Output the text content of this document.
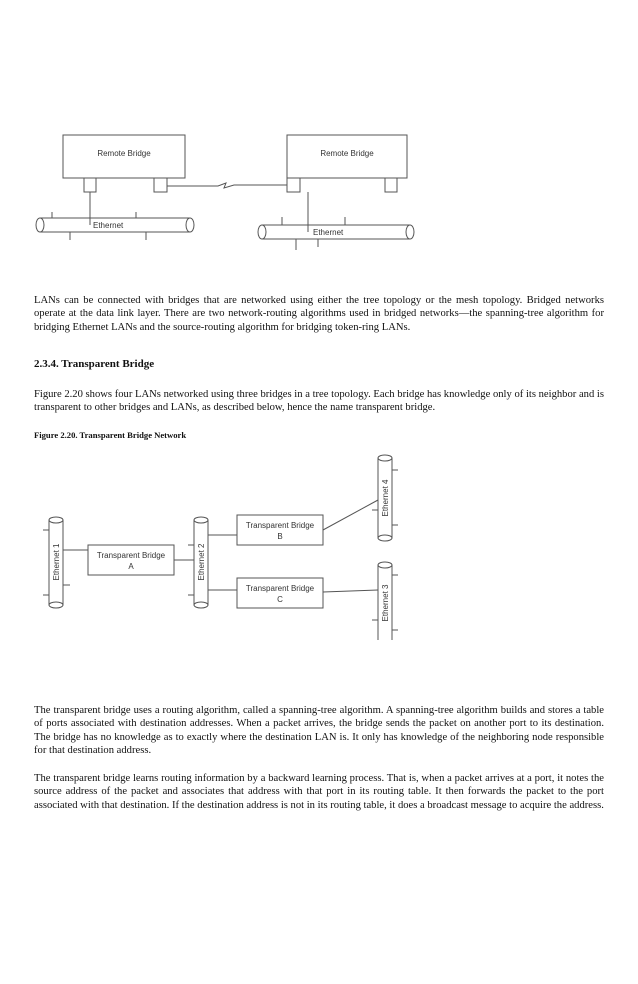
Remote Bridge	Remote Bridge
Ethernet
Ethernet

LANs can be connected with bridges that are networked using either the tree topology or the mesh topology. Bridged networks operate at the data link layer. There are two network-routing algorithms used in bridged networks—the spanning-tree algorithm for bridging Ethernet LANs and the source-routing algorithm for bridging token-ring LANs.

2.3.4. Transparent Bridge

Figure 2.20 shows four LANs networked using three bridges in a tree topology. Each bridge has knowledge only of its neighbor and is transparent to other bridges and LANs, as described below, hence the name transparent bridge.

Figure 2.20. Transparent Bridge Network

Ethernet 1	Ethernet 2
Ethernet 4
Ethernet 3
Transparent Bridge
A
Transparent Bridge
B
Transparent Bridge
C

The transparent bridge uses a routing algorithm, called a spanning-tree algorithm. A spanning-tree algorithm builds and stores a table of ports associated with destination addresses. When a packet arrives, the bridge sends the packet on another port to its destination. The bridge has no knowledge as to exactly where the destination LAN is. It only has knowledge of the neighboring node responsible for that destination address.

The transparent bridge learns routing information by a backward learning process. That is, when a packet arrives at a port, it notes the source address of the packet and associates that address with that port in its routing table. It then forwards the packet to the port associated with that destination. If the destination address is not in its routing table, it does a broadcast message to acquire the address.
